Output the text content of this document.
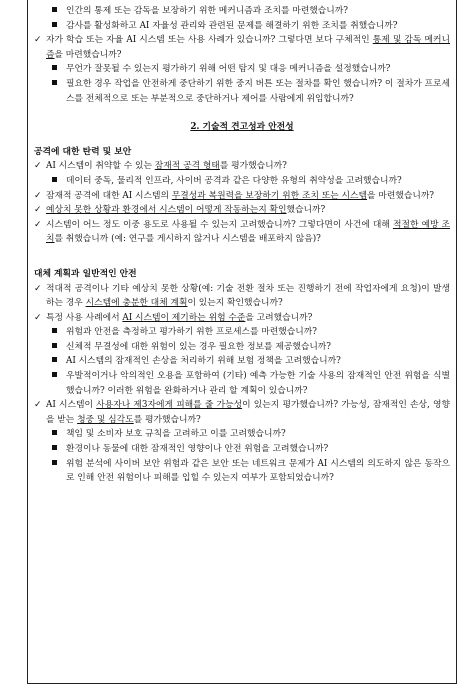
인간의 통제 또는 감독을 보장하기 위한 메커니즘과 조치를 마련했습니까?

감사를 활성화하고 AI 자율성 관리와 관련된 문제를 해결하기 위한 조치를 취했습니까?

✓ 자가 학습 또는 자율 AI 시스템 또는 사용 사례가 있습니까? 그렇다면 보다 구체적인 통제 및 감독 메커니즘을 마련했습니까?

무언가 잘못될 수 있는지 평가하기 위해 어떤 탐지 및 대응 메커니즘을 설정했습니까?

필요한 경우 작업을 안전하게 중단하기 위한 중지 버튼 또는 절차를 확인 했습니까? 이 절차가 프로세스를 전체적으로 또는 부분적으로 중단하거나 제어를 사람에게 위임합니까?

2. 기술적 견고성과 안전성

공격에 대한 탄력 및 보안

✓ AI 시스템이 취약할 수 있는 잠재적 공격 형태를 평가했습니까?

데이터 중독, 물리적 인프라, 사이버 공격과 같은 다양한 유형의 취약성을 고려했습니까?

✓ 잠재적 공격에 대한 AI 시스템의 무결성과 복원력을 보장하기 위한 조치 또는 시스템을 마련했습니까?

✓ 예상치 못한 상황과 환경에서 시스템이 어떻게 작동하는지 확인했습니까?

✓ 시스템이 어느 정도 이중 용도로 사용될 수 있는지 고려했습니까? 그렇다면이 사건에 대해 적절한 예방 조치를 취했습니까 (예: 연구를 게시하지 않거나 시스템을 배포하지 않음)?

대체 계획과 일반적인 안전

✓ 적대적 공격이나 기타 예상치 못한 상황(예: 기술 전환 절차 또는 진행하기 전에 작업자에게 요청)이 발생하는 경우 시스템에 충분한 대체 계획이 있는지 확인했습니까?

✓ 특정 사용 사례에서 AI 시스템이 제기하는 위험 수준을 고려했습니까?

위험과 안전을 측정하고 평가하기 위한 프로세스를 마련했습니까?

신체적 무결성에 대한 위험이 있는 경우 필요한 정보를 제공했습니까?

AI 시스템의 잠재적인 손상을 처리하기 위해 보험 정책을 고려했습니까?

우발적이거나 악의적인 오용을 포함하여 (기타) 예측 가능한 기술 사용의 잠재적인 안전 위험을 식별했습니까? 이러한 위험을 완화하거나 관리 할 계획이 있습니까?

✓ AI 시스템이 사용자나 제3자에게 피해를 줄 가능성이 있는지 평가했습니까? 가능성, 잠재적인 손상, 영향을 받는 청중 및 심각도를 평가했습니까?

책임 및 소비자 보호 규칙을 고려하고 이를 고려했습니까?

환경이나 동물에 대한 잠재적인 영향이나 안전 위험을 고려했습니까?

위험 분석에 사이버 보안 위험과 같은 보안 또는 네트워크 문제가 AI 시스템의 의도하지 않은 동작으로 인해 안전 위험이나 피해를 입힐 수 있는지 여부가 포함되었습니까?
